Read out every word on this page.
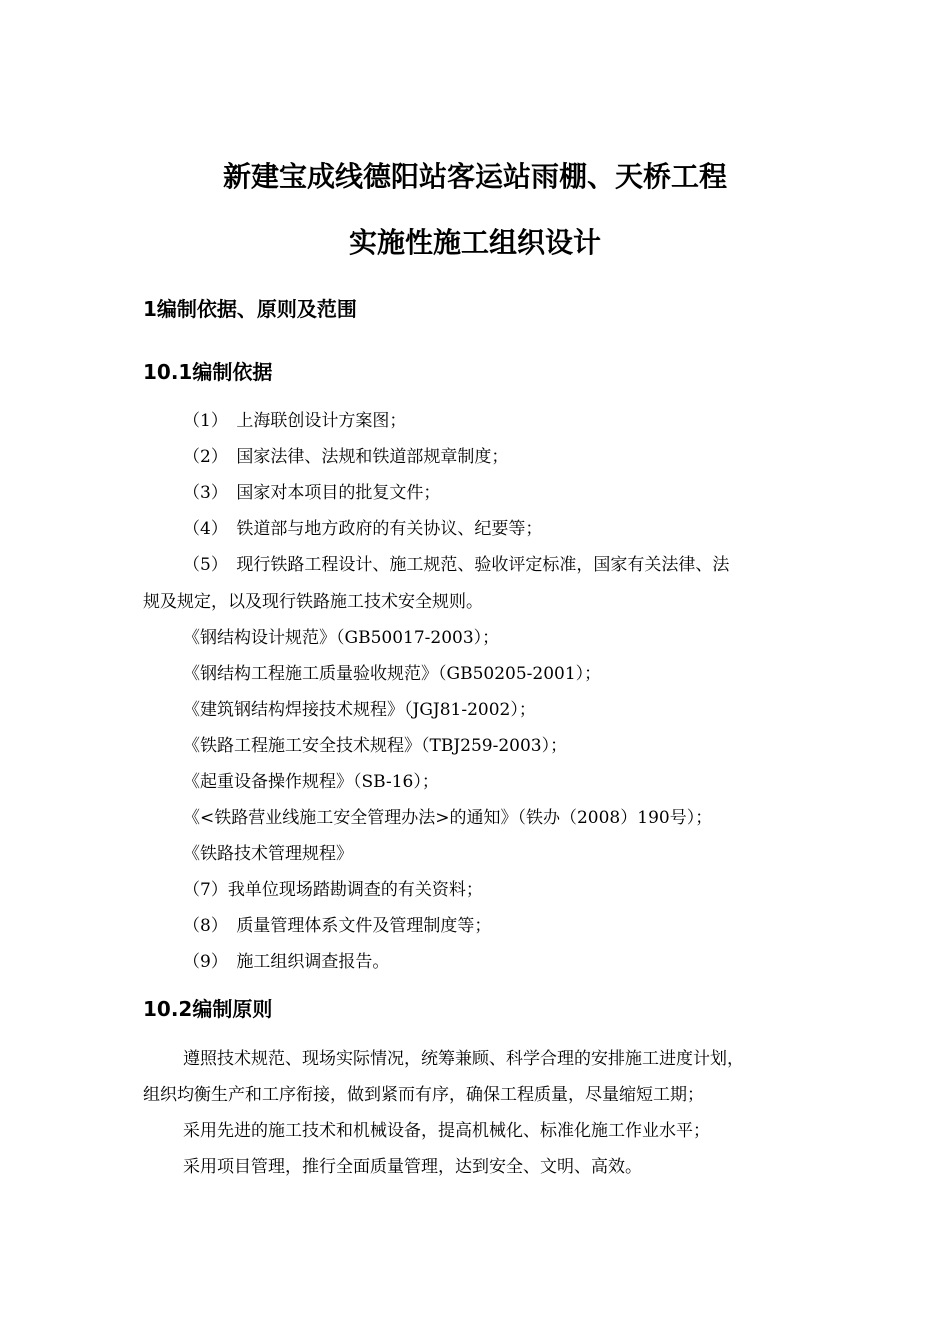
新建宝成线德阳站客运站雨棚、天桥工程
实施性施工组织设计
1编制依据、原则及范围
10.1编制依据
（1）　上海联创设计方案图；
（2）　国家法律、法规和铁道部规章制度；
（3）　国家对本项目的批复文件；
（4）　铁道部与地方政府的有关协议、纪要等；
（5）　现行铁路工程设计、施工规范、验收评定标准，国家有关法律、法
规及规定，以及现行铁路施工技术安全规则。
《钢结构设计规范》（GB50017-2003）；
《钢结构工程施工质量验收规范》（GB50205-2001）；
《建筑钢结构焊接技术规程》（JGJ81-2002）；
《铁路工程施工安全技术规程》（TBJ259-2003）；
《起重设备操作规程》（SB-16）；
《<铁路营业线施工安全管理办法>的通知》（铁办（2008）190号）；
《铁路技术管理规程》
（7）我单位现场踏勘调查的有关资料；
（8）　质量管理体系文件及管理制度等；
（9）　施工组织调查报告。
10.2编制原则
遵照技术规范、现场实际情况，统筹兼顾、科学合理的安排施工进度计划，
组织均衡生产和工序衔接，做到紧而有序，确保工程质量，尽量缩短工期；
采用先进的施工技术和机械设备，提高机械化、标准化施工作业水平；
采用项目管理，推行全面质量管理，达到安全、文明、高效。
